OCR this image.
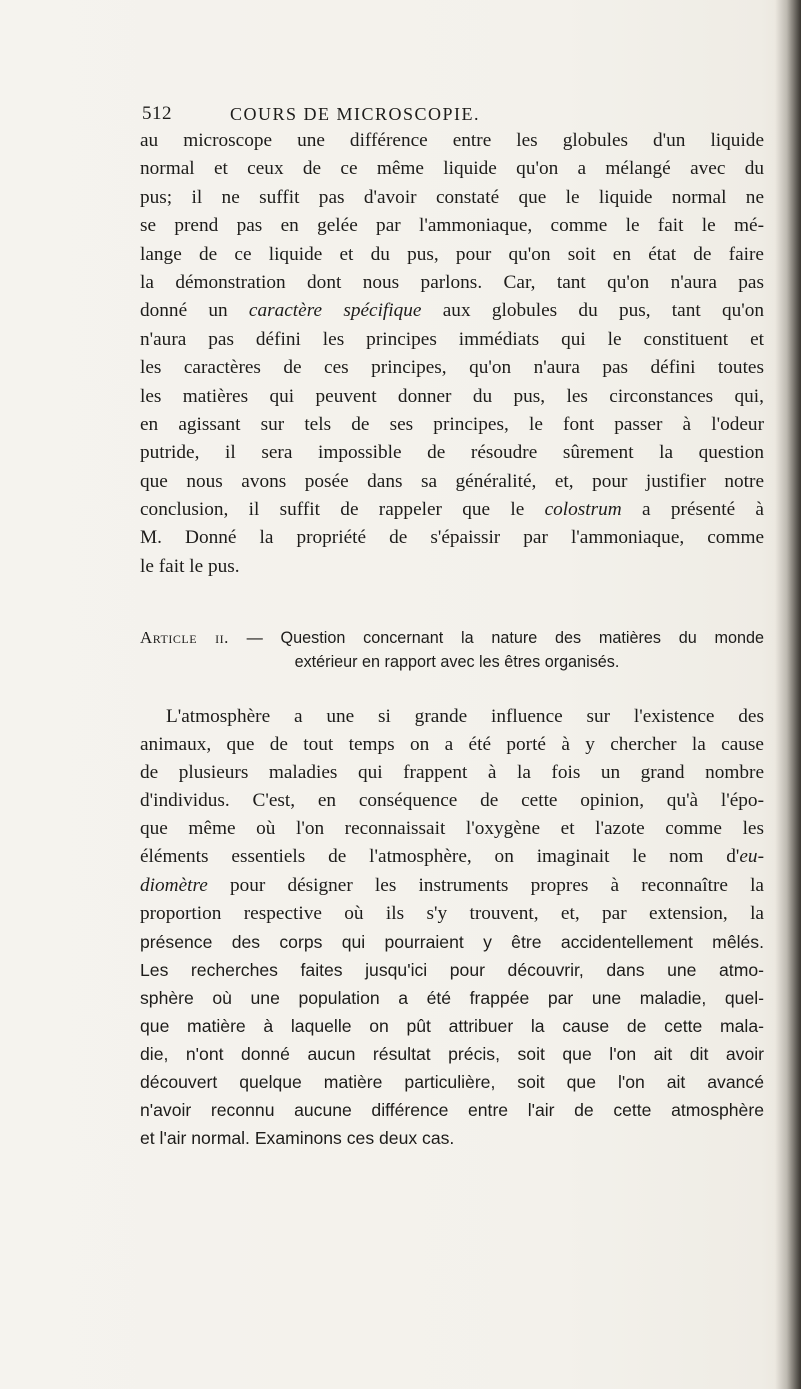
512	COURS DE MICROSCOPIE.
au microscope une différence entre les globules d'un liquide
normal et ceux de ce même liquide qu'on a mélangé avec du
pus; il ne suffit pas d'avoir constaté que le liquide normal ne
se prend pas en gelée par l'ammoniaque, comme le fait le mé-
lange de ce liquide et du pus, pour qu'on soit en état de faire
la démonstration dont nous parlons. Car, tant qu'on n'aura pas
donné un caractère spécifique aux globules du pus, tant qu'on
n'aura pas défini les principes immédiats qui le constituent et
les caractères de ces principes, qu'on n'aura pas défini toutes
les matières qui peuvent donner du pus, les circonstances qui,
en agissant sur tels de ses principes, le font passer à l'odeur
putride, il sera impossible de résoudre sûrement la question
que nous avons posée dans sa généralité, et, pour justifier notre
conclusion, il suffit de rappeler que le colostrum a présenté à
M. Donné la propriété de s'épaissir par l'ammoniaque, comme
le fait le pus.
Article ii. — Question concernant la nature des matières du monde
extérieur en rapport avec les êtres organisés.
L'atmosphère a une si grande influence sur l'existence des
animaux, que de tout temps on a été porté à y chercher la cause
de plusieurs maladies qui frappent à la fois un grand nombre
d'individus. C'est, en conséquence de cette opinion, qu'à l'épo-
que même où l'on reconnaissait l'oxygène et l'azote comme les
éléments essentiels de l'atmosphère, on imaginait le nom d'eu-
diomètre pour désigner les instruments propres à reconnaître la
proportion respective où ils s'y trouvent, et, par extension, la
présence des corps qui pourraient y être accidentellement mêlés.
Les recherches faites jusqu'ici pour découvrir, dans une atmo-
sphère où une population a été frappée par une maladie, quel-
que matière à laquelle on pût attribuer la cause de cette mala-
die, n'ont donné aucun résultat précis, soit que l'on ait dit avoir
découvert quelque matière particulière, soit que l'on ait avancé
n'avoir reconnu aucune différence entre l'air de cette atmosphère
et l'air normal. Examinons ces deux cas.
